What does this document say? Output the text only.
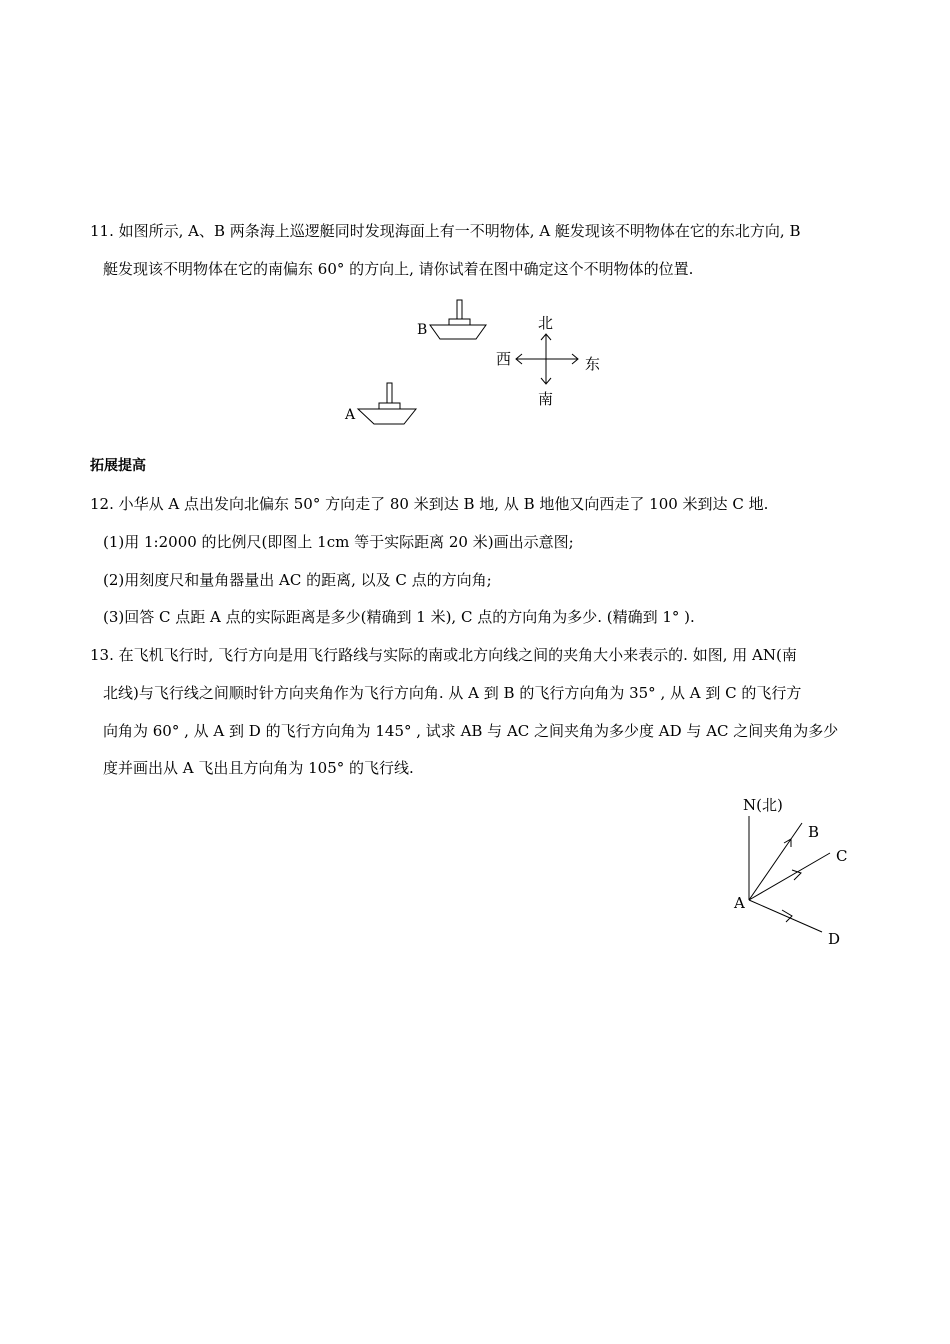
11. 如图所示, A、B 两条海上巡逻艇同时发现海面上有一不明物体, A 艇发现该不明物体在它的东北方向, B
艇发现该不明物体在它的南偏东 60° 的方向上, 请你试着在图中确定这个不明物体的位置.
B
A
北
南
东
西
拓展提高
12. 小华从 A 点出发向北偏东 50° 方向走了 80 米到达 B 地, 从 B 地他又向西走了 100 米到达 C 地.
(1)用 1:2000 的比例尺(即图上 1cm 等于实际距离 20 米)画出示意图;
(2)用刻度尺和量角器量出 AC 的距离, 以及 C 点的方向角;
(3)回答 C 点距 A 点的实际距离是多少(精确到 1 米), C 点的方向角为多少. (精确到 1° ).
13. 在飞机飞行时, 飞行方向是用飞行路线与实际的南或北方向线之间的夹角大小来表示的. 如图, 用 AN(南
北线)与飞行线之间顺时针方向夹角作为飞行方向角. 从 A 到 B 的飞行方向角为 35° , 从 A 到 C 的飞行方
向角为 60° , 从 A 到 D 的飞行方向角为 145° , 试求 AB 与 AC 之间夹角为多少度 AD 与 AC 之间夹角为多少
度并画出从 A 飞出且方向角为 105° 的飞行线.
N(北)
A
B
C
D
